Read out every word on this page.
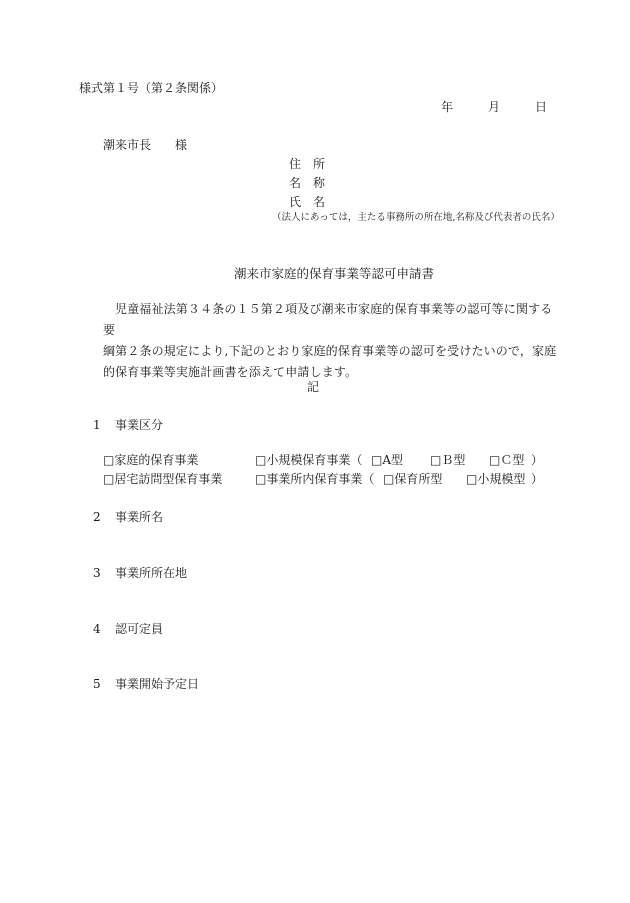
様式第１号（第２条関係）
年	月	日
潮来市長　　様
住　所
名　称
氏　名
（法人にあっては，主たる事務所の所在地,名称及び代表者の氏名）
潮来市家庭的保育事業等認可申請書

児童福祉法第３４条の１５第２項及び潮来市家庭的保育事業等の認可等に関する要

綱第２条の規定により,下記のとおり家庭的保育事業等の認可を受けたいので，家庭

的保育事業等実施計画書を添えて申請します。

記
1 事業区分
□家庭的保育事業	□小規模保育事業（ □A型 □Ｂ型 □Ｃ型 ）
□居宅訪問型保育事業	□事業所内保育事業（ □保育所型 □小規模型 ）
2 事業所名
3 事業所所在地
4 認可定員
5 事業開始予定日
